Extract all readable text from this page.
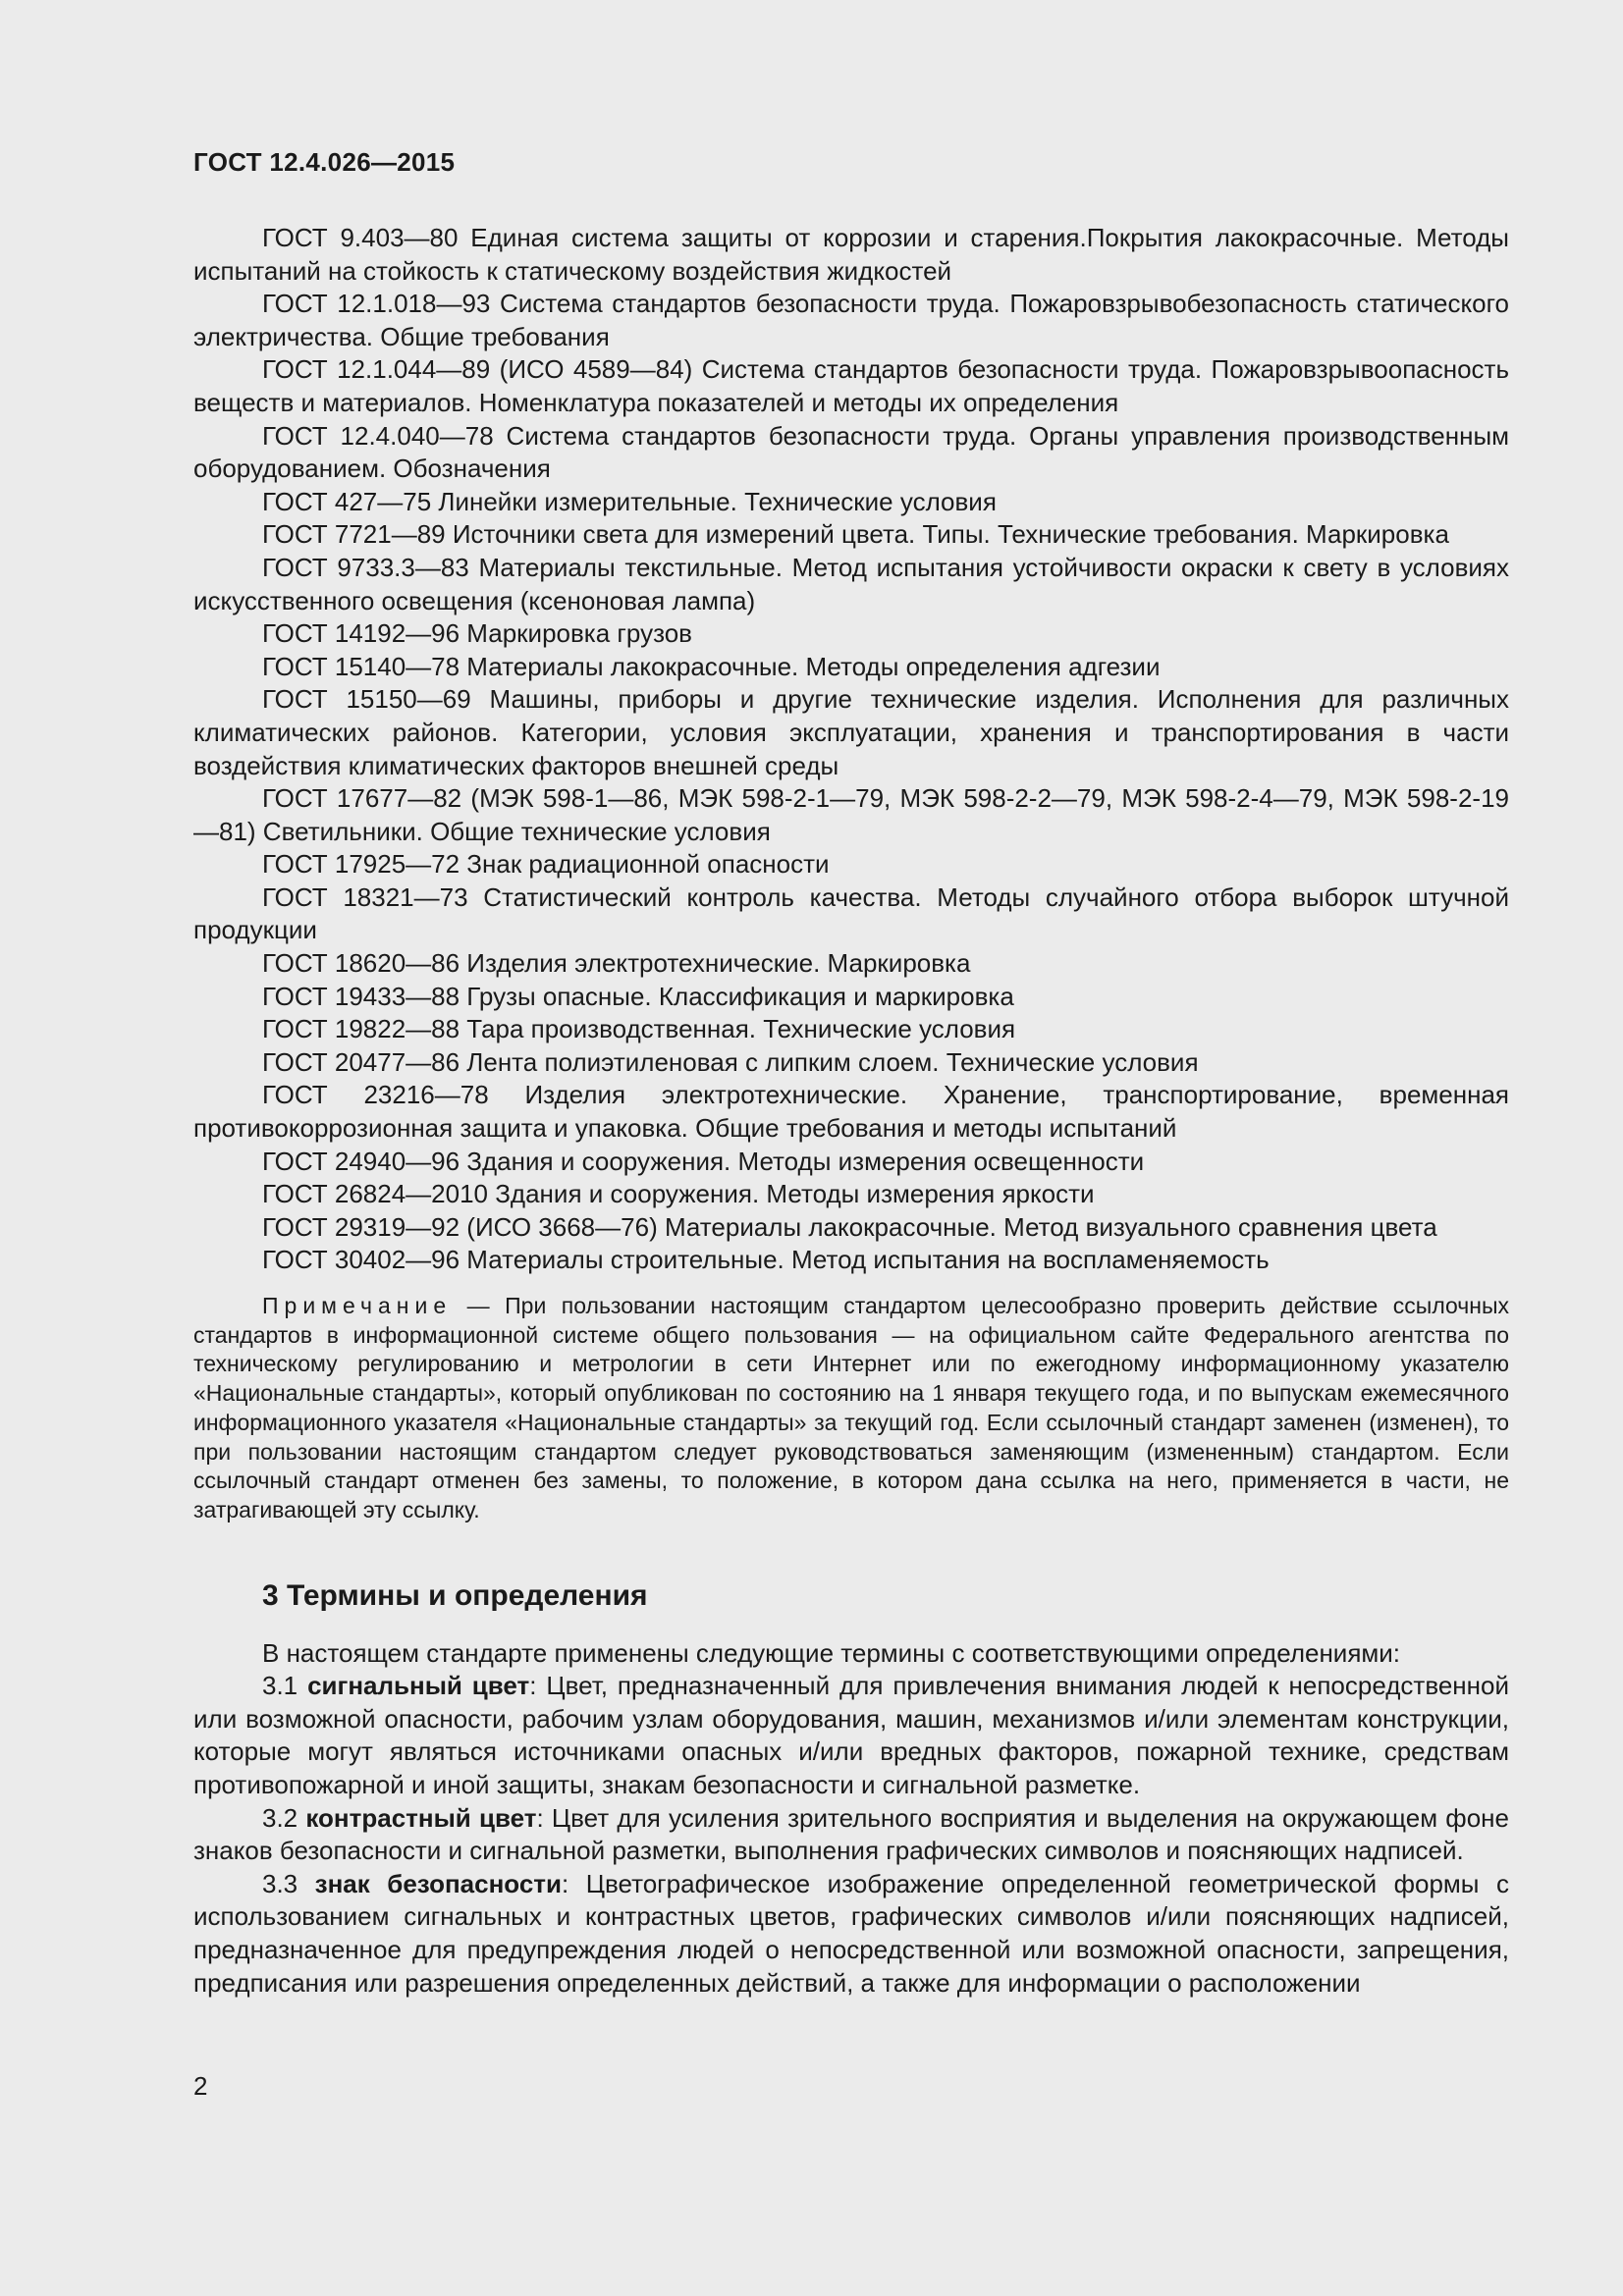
ГОСТ 12.4.026—2015

ГОСТ 9.403—80 Единая система защиты от коррозии и старения.Покрытия лакокрасочные. Методы испытаний на стойкость к статическому воздействия жидкостей

ГОСТ 12.1.018—93 Система стандартов безопасности труда. Пожаровзрывобезопасность статического электричества. Общие требования

ГОСТ 12.1.044—89 (ИСО 4589—84) Система стандартов безопасности труда. Пожаровзрывоопасность веществ и материалов. Номенклатура показателей и методы их определения

ГОСТ 12.4.040—78 Система стандартов безопасности труда. Органы управления производственным оборудованием. Обозначения

ГОСТ 427—75 Линейки измерительные. Технические условия

ГОСТ 7721—89 Источники света для измерений цвета. Типы. Технические требования. Маркировка

ГОСТ 9733.3—83 Материалы текстильные. Метод испытания устойчивости окраски к свету в условиях искусственного освещения (ксеноновая лампа)

ГОСТ 14192—96 Маркировка грузов

ГОСТ 15140—78 Материалы лакокрасочные. Методы определения адгезии

ГОСТ 15150—69 Машины, приборы и другие технические изделия. Исполнения для различных климатических районов. Категории, условия эксплуатации, хранения и транспортирования в части воздействия климатических факторов внешней среды

ГОСТ 17677—82 (МЭК 598-1—86, МЭК 598-2-1—79, МЭК 598-2-2—79, МЭК 598-2-4—79, МЭК 598-2-19—81) Светильники. Общие технические условия

ГОСТ 17925—72 Знак радиационной опасности

ГОСТ 18321—73 Статистический контроль качества. Методы случайного отбора выборок штучной продукции

ГОСТ 18620—86 Изделия электротехнические. Маркировка

ГОСТ 19433—88 Грузы опасные. Классификация и маркировка

ГОСТ 19822—88 Тара производственная. Технические условия

ГОСТ 20477—86 Лента полиэтиленовая с липким слоем. Технические условия

ГОСТ 23216—78 Изделия электротехнические. Хранение, транспортирование, временная противокоррозионная защита и упаковка. Общие требования и методы испытаний

ГОСТ 24940—96 Здания и сооружения. Методы измерения освещенности

ГОСТ 26824—2010 Здания и сооружения. Методы измерения яркости

ГОСТ 29319—92 (ИСО 3668—76) Материалы лакокрасочные. Метод визуального сравнения цвета

ГОСТ 30402—96 Материалы строительные. Метод испытания на воспламеняемость

Примечание — При пользовании настоящим стандартом целесообразно проверить действие ссылочных стандартов в информационной системе общего пользования — на официальном сайте Федерального агентства по техническому регулированию и метрологии в сети Интернет или по ежегодному информационному указателю «Национальные стандарты», который опубликован по состоянию на 1 января текущего года, и по выпускам ежемесячного информационного указателя «Национальные стандарты» за текущий год. Если ссылочный стандарт заменен (изменен), то при пользовании настоящим стандартом следует руководствоваться заменяющим (измененным) стандартом. Если ссылочный стандарт отменен без замены, то положение, в котором дана ссылка на него, применяется в части, не затрагивающей эту ссылку.

3 Термины и определения

В настоящем стандарте применены следующие термины с соответствующими определениями:

3.1 сигнальный цвет: Цвет, предназначенный для привлечения внимания людей к непосредственной или возможной опасности, рабочим узлам оборудования, машин, механизмов и/или элементам конструкции, которые могут являться источниками опасных и/или вредных факторов, пожарной технике, средствам противопожарной и иной защиты, знакам безопасности и сигнальной разметке.

3.2 контрастный цвет: Цвет для усиления зрительного восприятия и выделения на окружающем фоне знаков безопасности и сигнальной разметки, выполнения графических символов и поясняющих надписей.

3.3 знак безопасности: Цветографическое изображение определенной геометрической формы с использованием сигнальных и контрастных цветов, графических символов и/или поясняющих надписей, предназначенное для предупреждения людей о непосредственной или возможной опасности, запрещения, предписания или разрешения определенных действий, а также для информации о расположении

2
